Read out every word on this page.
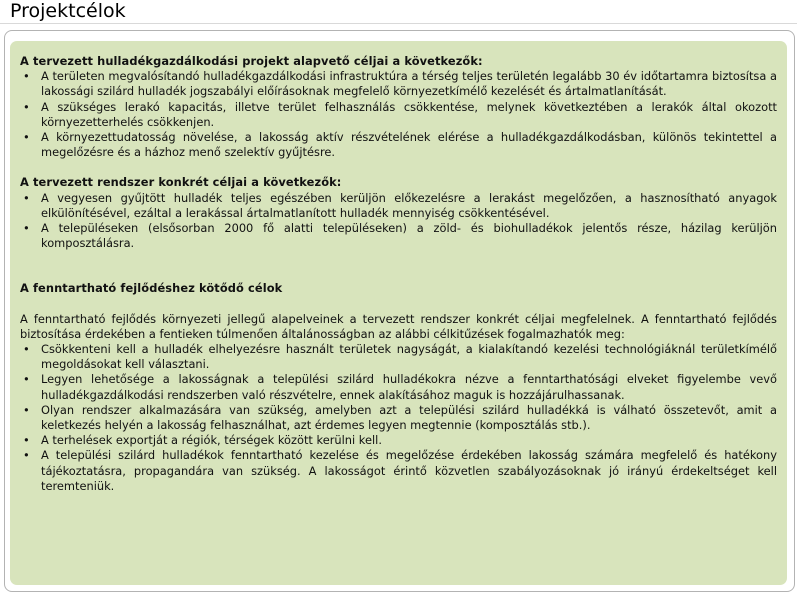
Projektcélok

A tervezett hulladékgazdálkodási projekt alapvető céljai a következők:

• A területen megvalósítandó hulladékgazdálkodási infrastruktúra a térség teljes területén legalább 30 év időtartamra biztosítsa a lakossági szilárd hulladék jogszabályi előírásoknak megfelelő környezetkímélő kezelését és ártalmatlanítását.
• A szükséges lerakó kapacitás, illetve terület felhasználás csökkentése, melynek következtében a lerakók által okozott környezetterhelés csökkenjen.
• A környezettudatosság növelése, a lakosság aktív részvételének elérése a hulladékgazdálkodásban, különös tekintettel a megelőzésre és a házhoz menő szelektív gyűjtésre.

A tervezett rendszer konkrét céljai a következők:

• A vegyesen gyűjtött hulladék teljes egészében kerüljön előkezelésre a lerakást megelőzően, a hasznosítható anyagok elkülönítésével, ezáltal a lerakással ártalmatlanított hulladék mennyiség csökkentésével.
• A településeken (elsősorban 2000 fő alatti településeken) a zöld- és biohulladékok jelentős része, házilag kerüljön komposztálásra.

A fenntartható fejlődéshez kötődő célok

A fenntartható fejlődés környezeti jellegű alapelveinek a tervezett rendszer konkrét céljai megfelelnek. A fenntartható fejlődés biztosítása érdekében a fentieken túlmenően általánosságban az alábbi célkitűzések fogalmazhatók meg:

• Csökkenteni kell a hulladék elhelyezésre használt területek nagyságát, a kialakítandó kezelési technológiáknál területkímélő megoldásokat kell választani.
• Legyen lehetősége a lakosságnak a települési szilárd hulladékokra nézve a fenntarthatósági elveket figyelembe vevő hulladékgazdálkodási rendszerben való részvételre, ennek alakításához maguk is hozzájárulhassanak.
• Olyan rendszer alkalmazására van szükség, amelyben azt a települési szilárd hulladékká is válható összetevőt, amit a keletkezés helyén a lakosság felhasználhat, azt érdemes legyen megtennie (komposztálás stb.).
• A terhelések exportját a régiók, térségek között kerülni kell.
• A települési szilárd hulladékok fenntartható kezelése és megelőzése érdekében lakosság számára megfelelő és hatékony tájékoztatásra, propagandára van szükség. A lakosságot érintő közvetlen szabályozásoknak jó irányú érdekeltséget kell teremteniük.
